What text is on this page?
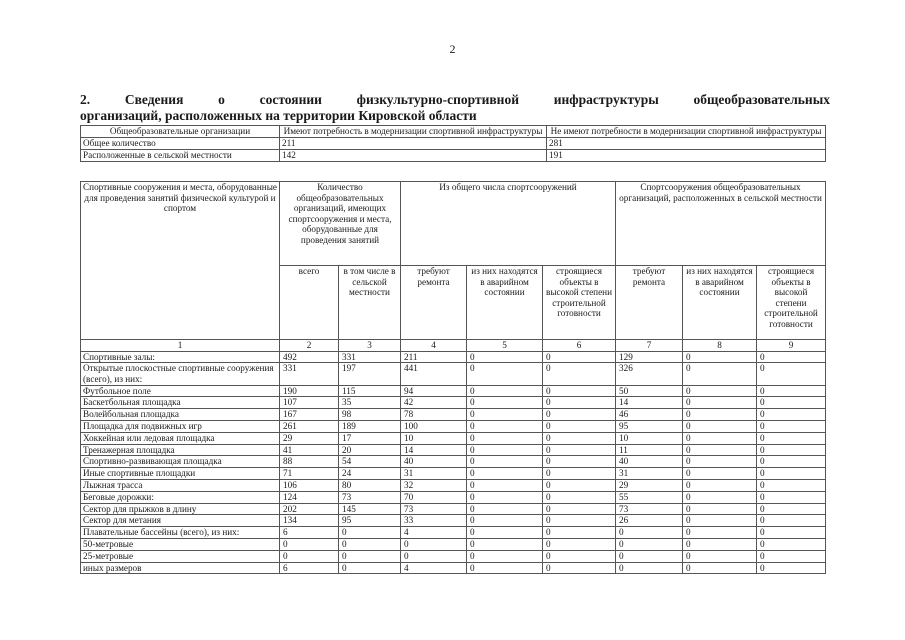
2
2. Сведения о состоянии физкультурно-спортивной инфраструктуры общеобразовательных
организаций, расположенных на территории Кировской области
Общеобразовательные организации	Имеют потребность в модернизации спортивной инфраструктуры	Не имеют потребности в модернизации спортивной инфраструктуры
Общее количество	211	281
Расположенные в сельской местности	142	191
Спортивные сооружения и места, оборудованные для проведения занятий физической культурой и спортом	Количество общеобразовательных организаций, имеющих спортсооружения и места, оборудованные для проведения занятий		Из общего числа спортсооружений			Спортсооружения общеобразовательных организаций, расположенных в сельской местности		
	всего	в том числе в сельской местности	требуют ремонта	из них находятся в аварийном состоянии	строящиеся объекты в высокой степени строительной готовности	требуют ремонта	из них находятся в аварийном состоянии	строящиеся объекты в высокой степени строительной готовности
1	2	3	4	5	6	7	8	9
Спортивные залы:	492	331	211	0	0	129	0	0
Открытые плоскостные спортивные сооружения (всего), из них:	331	197	441	0	0	326	0	0
Футбольное поле	190	115	94	0	0	50	0	0
Баскетбольная площадка	107	35	42	0	0	14	0	0
Волейбольная площадка	167	98	78	0	0	46	0	0
Площадка для подвижных игр	261	189	100	0	0	95	0	0
Хоккейная или ледовая площадка	29	17	10	0	0	10	0	0
Тренажерная площадка	41	20	14	0	0	11	0	0
Спортивно-развивающая площадка	88	54	40	0	0	40	0	0
Иные спортивные площадки	71	24	31	0	0	31	0	0
Лыжная трасса	106	80	32	0	0	29	0	0
Беговые дорожки:	124	73	70	0	0	55	0	0
Сектор для прыжков в длину	202	145	73	0	0	73	0	0
Сектор для метания	134	95	33	0	0	26	0	0
Плавательные бассейны (всего), из них:	6	0	4	0	0	0	0	0
50-метровые	0	0	0	0	0	0	0	0
25-метровые	0	0	0	0	0	0	0	0
иных размеров	6	0	4	0	0	0	0	0
